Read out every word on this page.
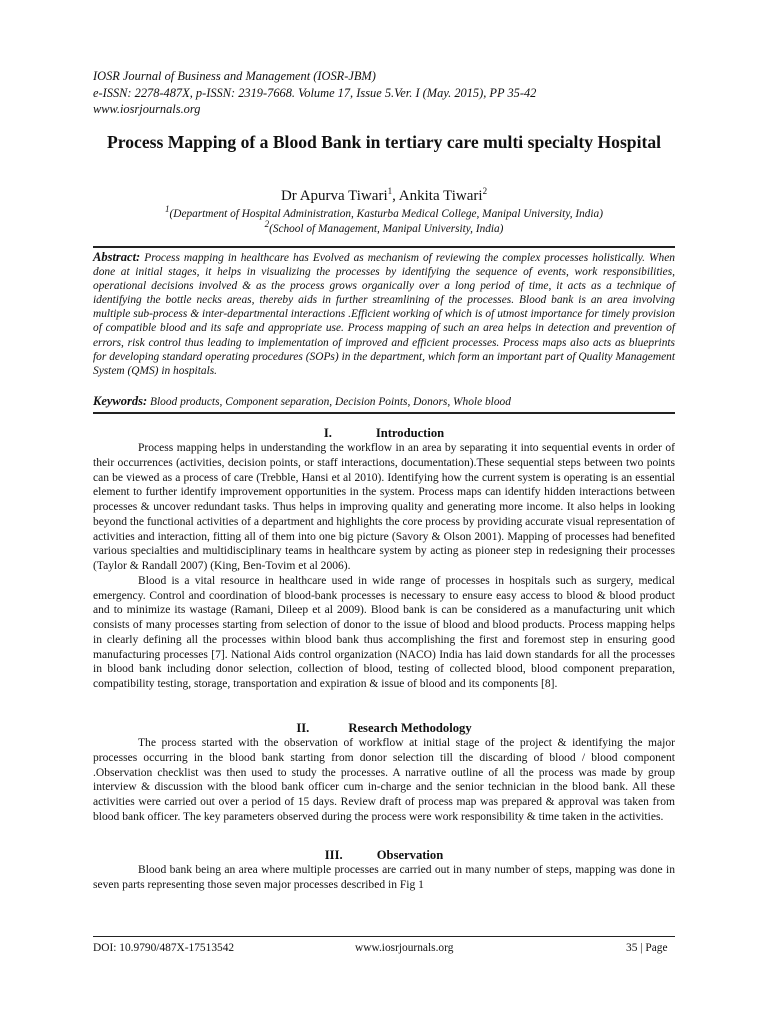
IOSR Journal of Business and Management (IOSR-JBM)
e-ISSN: 2278-487X, p-ISSN: 2319-7668. Volume 17, Issue 5.Ver. I (May. 2015), PP 35-42
www.iosrjournals.org
Process Mapping of a Blood Bank in tertiary care multi specialty Hospital
Dr Apurva Tiwari$^1$, Ankita Tiwari$^2$
$^1$(Department of Hospital Administration, Kasturba Medical College, Manipal University, India)
$^2$(School of Management, Manipal University, India)
Abstract: Process mapping in healthcare has Evolved as mechanism of reviewing the complex processes holistically. When done at initial stages, it helps in visualizing the processes by identifying the sequence of events, work responsibilities, operational decisions involved & as the process grows organically over a long period of time, it acts as a technique of identifying the bottle necks areas, thereby aids in further streamlining of the processes. Blood bank is an area involving multiple sub-process & inter-departmental interactions .Efficient working of which is of utmost importance for timely provision of compatible blood and its safe and appropriate use. Process mapping of such an area helps in detection and prevention of errors, risk control thus leading to implementation of improved and efficient processes. Process maps also acts as blueprints for developing standard operating procedures (SOPs) in the department, which form an important part of Quality Management System (QMS) in hospitals.
Keywords: Blood products, Component separation, Decision Points, Donors, Whole blood
I.	Introduction

Process mapping helps in understanding the workflow in an area by separating it into sequential events in order of their occurrences (activities, decision points, or staff interactions, documentation).These sequential steps between two points can be viewed as a process of care (Trebble, Hansi et al 2010). Identifying how the current system is operating is an essential element to further identify improvement opportunities in the system. Process maps can identify hidden interactions between processes & uncover redundant tasks. Thus helps in improving quality and generating more income. It also helps in looking beyond the functional activities of a department and highlights the core process by providing accurate visual representation of activities and interaction, fitting all of them into one big picture (Savory & Olson 2001). Mapping of processes had benefited various specialties and multidisciplinary teams in healthcare system by acting as pioneer step in redesigning their processes (Taylor & Randall 2007) (King, Ben-Tovim et al 2006).

Blood is a vital resource in healthcare used in wide range of processes in hospitals such as surgery, medical emergency. Control and coordination of blood-bank processes is necessary to ensure easy access to blood & blood product and to minimize its wastage (Ramani, Dileep et al 2009). Blood bank is can be considered as a manufacturing unit which consists of many processes starting from selection of donor to the issue of blood and blood products. Process mapping helps in clearly defining all the processes within blood bank thus accomplishing the first and foremost step in ensuring good manufacturing processes [7]. National Aids control organization (NACO) India has laid down standards for all the processes in blood bank including donor selection, collection of blood, testing of collected blood, blood component preparation, compatibility testing, storage, transportation and expiration & issue of blood and its components [8].

II.	Research Methodology

The process started with the observation of workflow at initial stage of the project & identifying the major processes occurring in the blood bank starting from donor selection till the discarding of blood / blood component .Observation checklist was then used to study the processes. A narrative outline of all the process was made by group interview & discussion with the blood bank officer cum in-charge and the senior technician in the blood bank. All these activities were carried out over a period of 15 days. Review draft of process map was prepared & approval was taken from blood bank officer. The key parameters observed during the process were work responsibility & time taken in the activities.

III.	Observation

Blood bank being an area where multiple processes are carried out in many number of steps, mapping was done in seven parts representing those seven major processes described in Fig 1

DOI: 10.9790/487X-17513542	www.iosrjournals.org	35 | Page
